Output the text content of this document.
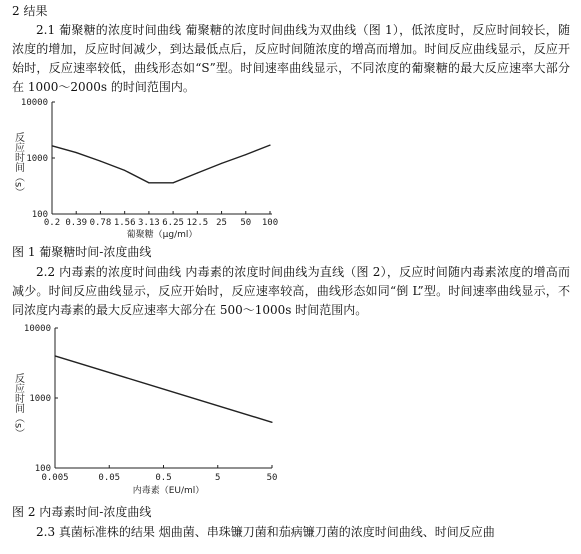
2 结果

2.1 葡聚糖的浓度时间曲线 葡聚糖的浓度时间曲线为双曲线（图 1），低浓度时，反应时间较长，随浓度的增加，反应时间减少，到达最低点后，反应时间随浓度的增高而增加。时间反应曲线显示，反应开始时，反应速率较低，曲线形态如“S”型。时间速率曲线显示，不同浓度的葡聚糖的最大反应速率大部分在 1000～2000s 的时间范围内。

10000
1000
100
0.2 0.39 0.78 1.56 3.13 6.25 12.5 25 50 100
葡聚糖（μg/ml）
反应时间（s）

图 1 葡聚糖时间-浓度曲线

2.2 内毒素的浓度时间曲线 内毒素的浓度时间曲线为直线（图 2），反应时间随内毒素浓度的增高而减少。时间反应曲线显示，反应开始时，反应速率较高，曲线形态如同“倒 L”型。时间速率曲线显示，不同浓度内毒素的最大反应速率大部分在 500～1000s 时间范围内。

10000
1000
100
0.005	0.05	0.5	5	50
内毒素（EU/ml）
反应时间（s）

图 2 内毒素时间-浓度曲线

2.3 真菌标准株的结果 烟曲菌、串珠镰刀菌和茄病镰刀菌的浓度时间曲线、时间反应曲
